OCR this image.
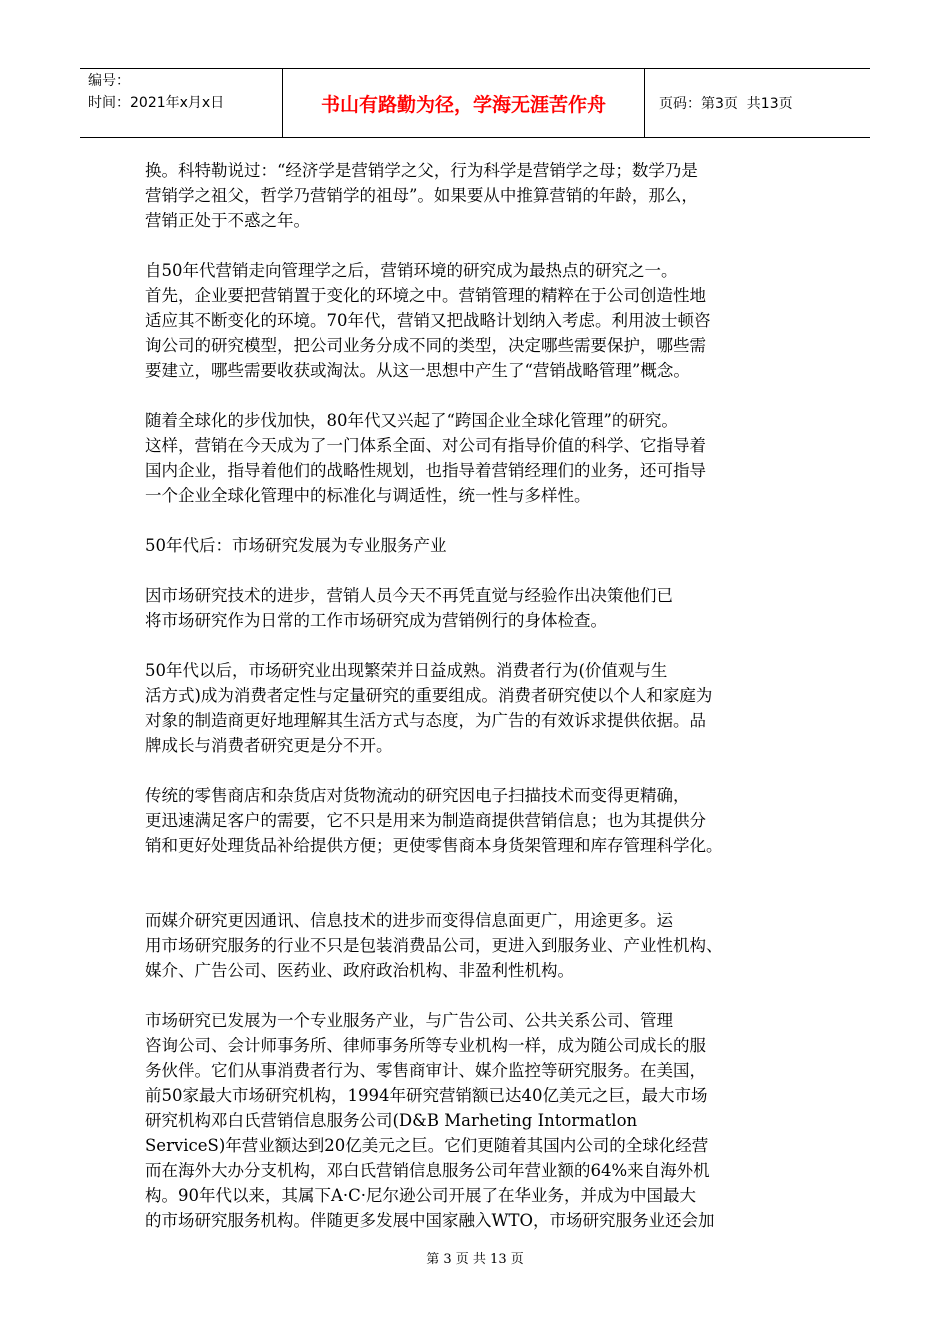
编号：
时间：2021年x月x日	书山有路勤为径，学海无涯苦作舟	页码：第3页  共13页

换。科特勒说过：“经济学是营销学之父，行为科学是营销学之母；数学乃是
营销学之祖父，哲学乃营销学的祖母”。如果要从中推算营销的年龄，那么，
营销正处于不惑之年。

自50年代营销走向管理学之后，营销环境的研究成为最热点的研究之一。
首先，企业要把营销置于变化的环境之中。营销管理的精粹在于公司创造性地
适应其不断变化的环境。70年代，营销又把战略计划纳入考虑。利用波士顿咨
询公司的研究模型，把公司业务分成不同的类型，决定哪些需要保护，哪些需
要建立，哪些需要收获或淘汰。从这一思想中产生了“营销战略管理”概念。

随着全球化的步伐加快，80年代又兴起了“跨国企业全球化管理”的研究。
这样，营销在今天成为了一门体系全面、对公司有指导价值的科学、它指导着
国内企业，指导着他们的战略性规划，也指导着营销经理们的业务，还可指导
一个企业全球化管理中的标准化与调适性，统一性与多样性。

50年代后：市场研究发展为专业服务产业

因市场研究技术的进步，营销人员今天不再凭直觉与经验作出决策他们已
将市场研究作为日常的工作市场研究成为营销例行的身体检查。

50年代以后，市场研究业出现繁荣并日益成熟。消费者行为(价值观与生
活方式)成为消费者定性与定量研究的重要组成。消费者研究使以个人和家庭为
对象的制造商更好地理解其生活方式与态度，为广告的有效诉求提供依据。品
牌成长与消费者研究更是分不开。

传统的零售商店和杂货店对货物流动的研究因电子扫描技术而变得更精确，
更迅速满足客户的需要，它不只是用来为制造商提供营销信息；也为其提供分
销和更好处理货品补给提供方便；更使零售商本身货架管理和库存管理科学化。

而媒介研究更因通讯、信息技术的进步而变得信息面更广，用途更多。运
用市场研究服务的行业不只是包装消费品公司，更进入到服务业、产业性机构、
媒介、广告公司、医药业、政府政治机构、非盈利性机构。

市场研究已发展为一个专业服务产业，与广告公司、公共关系公司、管理
咨询公司、会计师事务所、律师事务所等专业机构一样，成为随公司成长的服
务伙伴。它们从事消费者行为、零售商审计、媒介监控等研究服务。在美国，
前50家最大市场研究机构，1994年研究营销额已达40亿美元之巨，最大市场
研究机构邓白氏营销信息服务公司(D&B Marheting Intormatlon
ServiceS)年营业额达到20亿美元之巨。它们更随着其国内公司的全球化经营
而在海外大办分支机构，邓白氏营销信息服务公司年营业额的64%来自海外机
构。90年代以来，其属下A·C·尼尔逊公司开展了在华业务，并成为中国最大
的市场研究服务机构。伴随更多发展中国家融入WTO，市场研究服务业还会加

第 3 页 共 13 页
